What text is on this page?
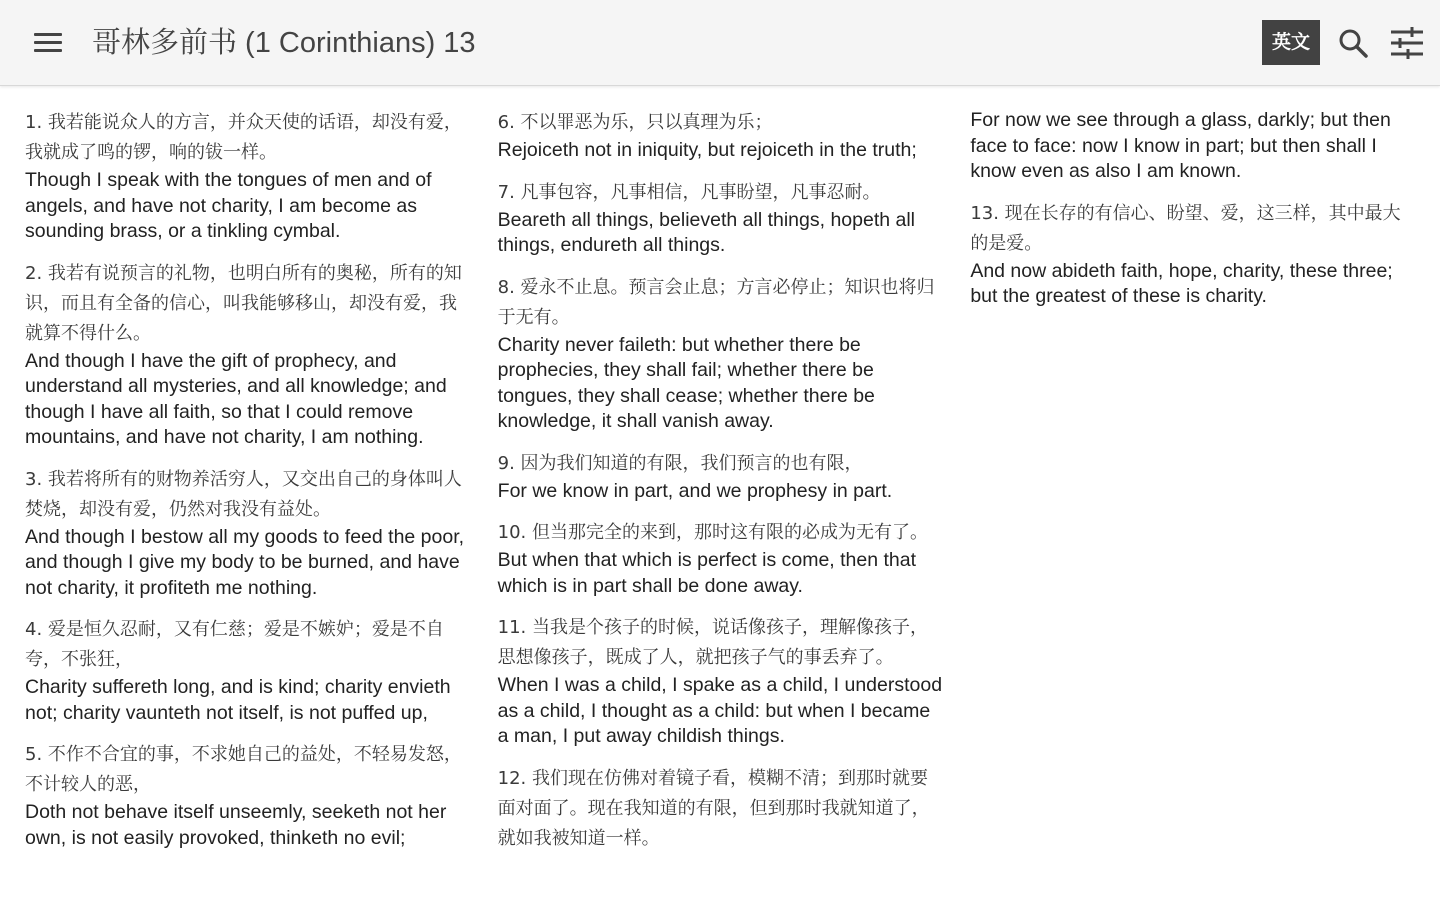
哥林多前书 (1 Corinthians) 13	英文
1. 我若能说众人的方言，并众天使的话语，却没有爱，我就成了鸣的锣，响的钹一样。
Though I speak with the tongues of men and of angels, and have not charity, I am become as sounding brass, or a tinkling cymbal.
2. 我若有说预言的礼物，也明白所有的奥秘，所有的知识，而且有全备的信心，叫我能够移山，却没有爱，我就算不得什么。
And though I have the gift of prophecy, and understand all mysteries, and all knowledge; and though I have all faith, so that I could remove mountains, and have not charity, I am nothing.
3. 我若将所有的财物养活穷人，又交出自己的身体叫人焚烧，却没有爱，仍然对我没有益处。
And though I bestow all my goods to feed the poor, and though I give my body to be burned, and have not charity, it profiteth me nothing.
4. 爱是恒久忍耐，又有仁慈；爱是不嫉妒；爱是不自夸，不张狂，
Charity suffereth long, and is kind; charity envieth not; charity vaunteth not itself, is not puffed up,
5. 不作不合宜的事，不求她自己的益处，不轻易发怒，不计较人的恶，
Doth not behave itself unseemly, seeketh not her own, is not easily provoked, thinketh no evil;
6. 不以罪恶为乐，只以真理为乐；
Rejoiceth not in iniquity, but rejoiceth in the truth;
7. 凡事包容，凡事相信，凡事盼望，凡事忍耐。
Beareth all things, believeth all things, hopeth all things, endureth all things.
8. 爱永不止息。预言会止息；方言必停止；知识也将归于无有。
Charity never faileth: but whether there be prophecies, they shall fail; whether there be tongues, they shall cease; whether there be knowledge, it shall vanish away.
9. 因为我们知道的有限，我们预言的也有限，
For we know in part, and we prophesy in part.
10. 但当那完全的来到，那时这有限的必成为无有了。
But when that which is perfect is come, then that which is in part shall be done away.
11. 当我是个孩子的时候，说话像孩子，理解像孩子，思想像孩子，既成了人，就把孩子气的事丢弃了。
When I was a child, I spake as a child, I understood as a child, I thought as a child: but when I became a man, I put away childish things.
12. 我们现在仿佛对着镜子看，模糊不清；到那时就要面对面了。现在我知道的有限，但到那时我就知道了，就如我被知道一样。
For now we see through a glass, darkly; but then face to face: now I know in part; but then shall I know even as also I am known.
13. 现在长存的有信心、盼望、爱，这三样，其中最大的是爱。
And now abideth faith, hope, charity, these three; but the greatest of these is charity.
